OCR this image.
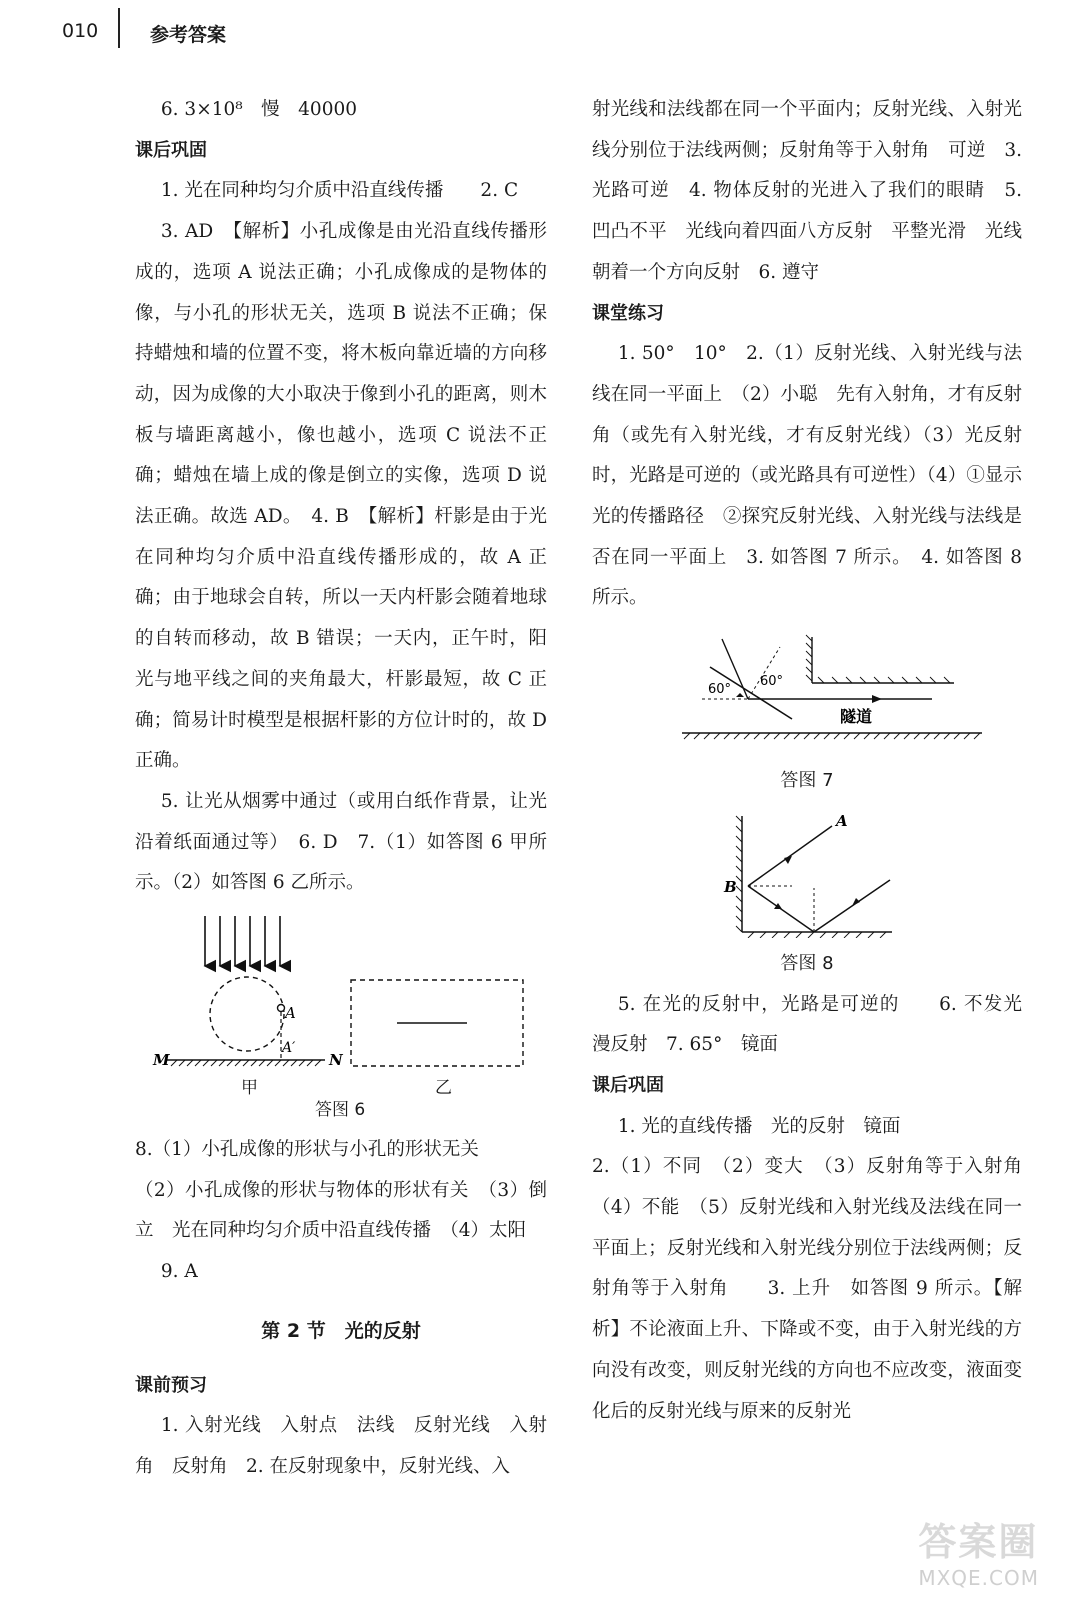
010	参考答案

6. 3×10⁸　慢　40000

课后巩固

1. 光在同种均匀介质中沿直线传播　　2. C

3. AD　【解析】小孔成像是由光沿直线传播形成的，选项 A 说法正确；小孔成像成的是物体的像，与小孔的形状无关，选项 B 说法不正确；保持蜡烛和墙的位置不变，将木板向靠近墙的方向移动，因为成像的大小取决于像到小孔的距离，则木板与墙距离越小，像也越小，选项 C 说法不正确；蜡烛在墙上成的像是倒立的实像，选项 D 说法正确。故选 AD。　4. B　【解析】杆影是由于光在同种均匀介质中沿直线传播形成的，故 A 正确；由于地球会自转，所以一天内杆影会随着地球的自转而移动，故 B 错误；一天内，正午时，阳光与地平线之间的夹角最大，杆影最短，故 C 正确；简易计时模型是根据杆影的方位计时的，故 D 正确。

5. 让光从烟雾中通过（或用白纸作背景，让光沿着纸面通过等）　6. D　7.（1）如答图 6 甲所示。（2）如答图 6 乙所示。

A
A′
M	N
甲	乙
答图 6

8.（1）小孔成像的形状与小孔的形状无关

（2）小孔成像的形状与物体的形状有关　（3）倒立　光在同种均匀介质中沿直线传播　（4）太阳

9. A

第 2 节　光的反射

课前预习

1. 入射光线　入射点　法线　反射光线　入射角　反射角　2. 在反射现象中，反射光线、入

射光线和法线都在同一个平面内；反射光线、入射光线分别位于法线两侧；反射角等于入射角　可逆　3. 光路可逆　4. 物体反射的光进入了我们的眼睛　5. 凹凸不平　光线向着四面八方反射　平整光滑　光线朝着一个方向反射　6. 遵守

课堂练习

1. 50°　10°　2.（1）反射光线、入射光线与法线在同一平面上　（2）小聪　先有入射角，才有反射角（或先有入射光线，才有反射光线）（3）光反射时，光路是可逆的（或光路具有可逆性）（4）①显示光的传播路径　②探究反射光线、入射光线与法线是否在同一平面上　3. 如答图 7 所示。　4. 如答图 8 所示。

60°
60°
隧道

答图 7

A
B

答图 8

5. 在光的反射中，光路是可逆的　　6. 不发光　漫反射　7. 65°　镜面

课后巩固

1. 光的直线传播　光的反射　镜面

2.（1）不同　（2）变大　（3）反射角等于入射角　（4）不能　（5）反射光线和入射光线及法线在同一平面上；反射光线和入射光线分别位于法线两侧；反射角等于入射角　　3. 上升　如答图 9 所示。【解析】不论液面上升、下降或不变，由于入射光线的方向没有改变，则反射光线的方向也不应改变，液面变化后的反射光线与原来的反射光

答案圈
MXQE.COM
